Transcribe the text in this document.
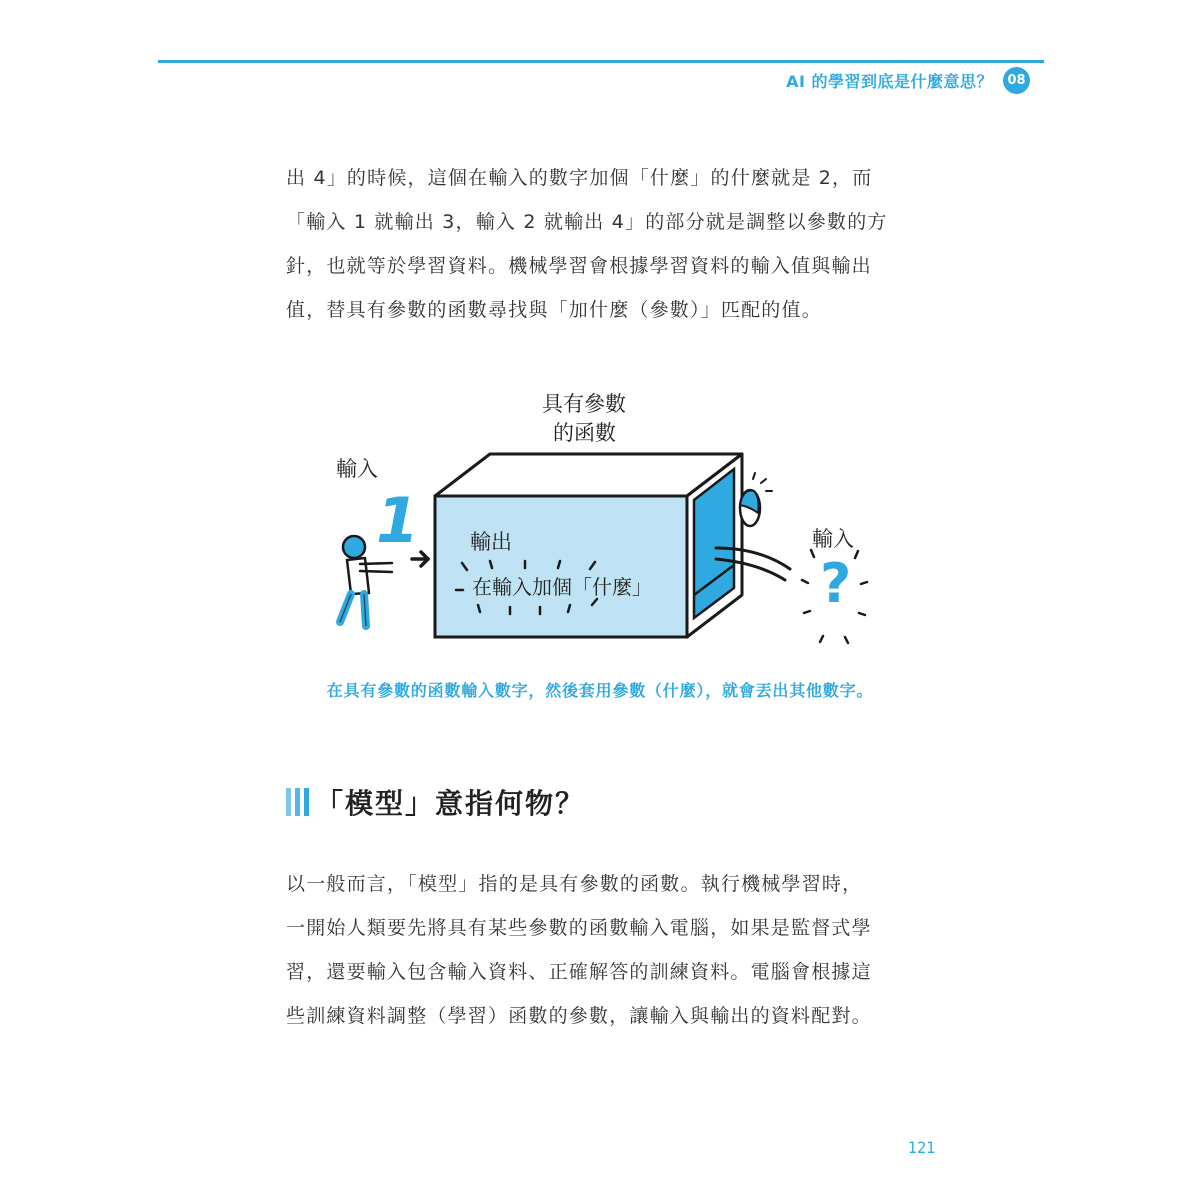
AI 的學習到底是什麼意思？	08

出 4」的時候，這個在輸入的數字加個「什麼」的什麼就是 2，而
「輸入 1 就輸出 3，輸入 2 就輸出 4」的部分就是調整以參數的方
針，也就等於學習資料。機械學習會根據學習資料的輸入值與輸出
值，替具有參數的函數尋找與「加什麼（參數）」匹配的值。

具有參數
的函數
輸入
1 輸出
在輸入加個「什麼」
輸入
?
在具有參數的函數輸入數字，然後套用參數（什麼），就會丟出其他數字。
「模型」意指何物？

以一般而言，「模型」指的是具有參數的函數。執行機械學習時，
一開始人類要先將具有某些參數的函數輸入電腦，如果是監督式學
習，還要輸入包含輸入資料、正確解答的訓練資料。電腦會根據這
些訓練資料調整（學習）函數的參數，讓輸入與輸出的資料配對。

121
